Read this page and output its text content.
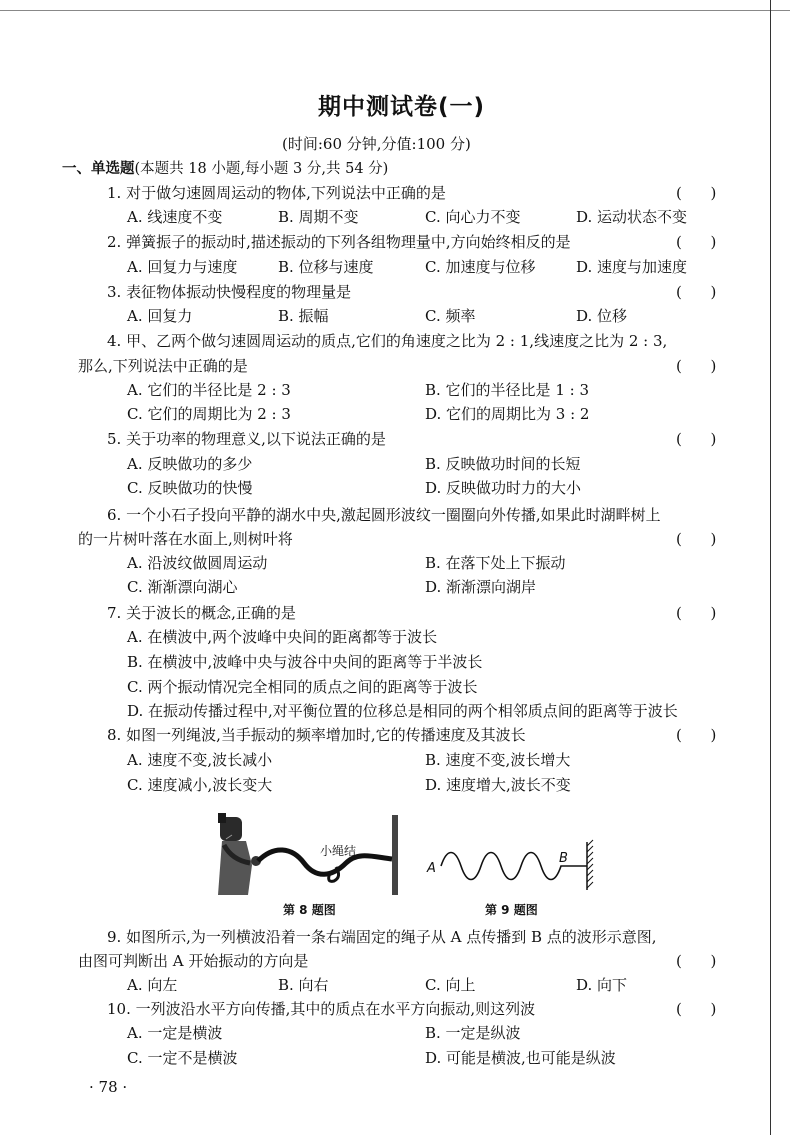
期中测试卷(一)
(时间:60 分钟,分值:100 分)
一、单选题(本题共 18 小题,每小题 3 分,共 54 分)
1. 对于做匀速圆周运动的物体,下列说法中正确的是	(      )
A. 线速度不变	B. 周期不变	C. 向心力不变	D. 运动状态不变
2. 弹簧振子的振动时,描述振动的下列各组物理量中,方向始终相反的是	(      )
A. 回复力与速度	B. 位移与速度	C. 加速度与位移	D. 速度与加速度
3. 表征物体振动快慢程度的物理量是	(      )
A. 回复力	B. 振幅	C. 频率	D. 位移
4. 甲、乙两个做匀速圆周运动的质点,它们的角速度之比为 2 : 1,线速度之比为 2 : 3,
那么,下列说法中正确的是	(      )
A. 它们的半径比是 2 : 3	B. 它们的半径比是 1 : 3
C. 它们的周期比为 2 : 3	D. 它们的周期比为 3 : 2
5. 关于功率的物理意义,以下说法正确的是	(      )
A. 反映做功的多少	B. 反映做功时间的长短
C. 反映做功的快慢	D. 反映做功时力的大小
6. 一个小石子投向平静的湖水中央,激起圆形波纹一圈圈向外传播,如果此时湖畔树上
的一片树叶落在水面上,则树叶将	(      )
A. 沿波纹做圆周运动	B. 在落下处上下振动
C. 渐渐漂向湖心	D. 渐渐漂向湖岸
7. 关于波长的概念,正确的是	(      )
A. 在横波中,两个波峰中央间的距离都等于波长
B. 在横波中,波峰中央与波谷中央间的距离等于半波长
C. 两个振动情况完全相同的质点之间的距离等于波长
D. 在振动传播过程中,对平衡位置的位移总是相同的两个相邻质点间的距离等于波长
8. 如图一列绳波,当手振动的频率增加时,它的传播速度及其波长	(      )
A. 速度不变,波长减小	B. 速度不变,波长增大
C. 速度减小,波长变大	D. 速度增大,波长不变
小绳结
A
B
第 8 题图	第 9 题图
9. 如图所示,为一列横波沿着一条右端固定的绳子从 A 点传播到 B 点的波形示意图,
由图可判断出 A 开始振动的方向是	(      )
A. 向左	B. 向右	C. 向上	D. 向下
10. 一列波沿水平方向传播,其中的质点在水平方向振动,则这列波	(      )
A. 一定是横波	B. 一定是纵波
C. 一定不是横波	D. 可能是横波,也可能是纵波
· 78 ·
